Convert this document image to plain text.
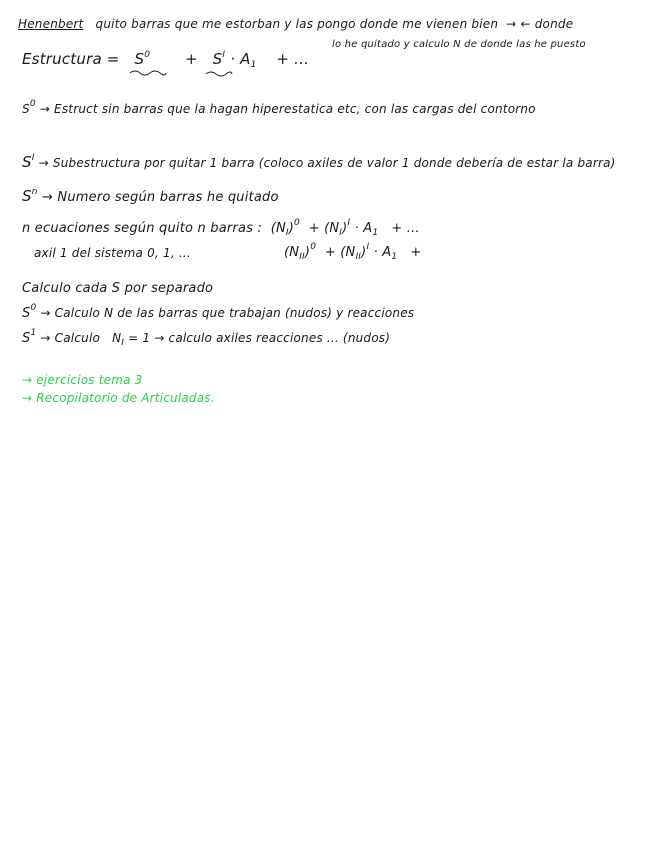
Henenbert quito barras que me estorban y las pongo donde me vienen bien → ← donde
lo he quitado y calculo N de donde las he puesto
Estructura = $S^0 + S^I \cdot A_1$ + ...
$S^0$ → Estruct sin barras que la hagan hiperestatica etc, con las cargas del contorno
$S^I$ → Subestructura por quitar 1 barra (coloco axiles de valor 1 donde debería de estar la barra)
$S^n$ → Numero según barras he quitado
n ecuaciones según quito n barras : $(N_I)^0 + (N_I)^I \cdot A_1$ + ...
axil 1 del sistema 0, 1, ...	$(N_{II})^0 + (N_{II})^I \cdot A_1$ +
Calculo cada S por separado
$S^0$ → Calculo N de las barras que trabajan (nudos) y reacciones
$S^1$ → Calculo $N_I = 1$ → calculo axiles reacciones ... (nudos)
→ ejercicios tema 3
→ Recopilatorio de Articuladas.
